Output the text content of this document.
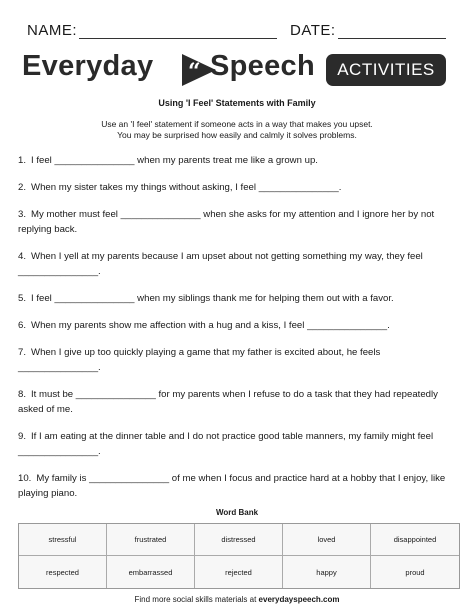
NAME:	DATE:
Everyday “ Speech	ACTIVITIES
Using 'I Feel' Statements with Family
Use an 'I feel' statement if someone acts in a way that makes you upset.
You may be surprised how easily and calmly it solves problems.
1. I feel _______________ when my parents treat me like a grown up.
2. When my sister takes my things without asking, I feel _______________.
3. My mother must feel _______________ when she asks for my attention and I ignore her by not replying back.
4. When I yell at my parents because I am upset about not getting something my way, they feel _______________.
5. I feel _______________ when my siblings thank me for helping them out with a favor.
6. When my parents show me affection with a hug and a kiss, I feel _______________.
7. When I give up too quickly playing a game that my father is excited about, he feels _______________.
8. It must be _______________ for my parents when I refuse to do a task that they had repeatedly asked of me.
9. If I am eating at the dinner table and I do not practice good table manners, my family might feel _______________.
10. My family is _______________ of me when I focus and practice hard at a hobby that I enjoy, like playing piano.
Word Bank
stressful	frustrated	distressed	loved	disappointed
respected	embarrassed	rejected	happy	proud
Find more social skills materials at everydayspeech.com
